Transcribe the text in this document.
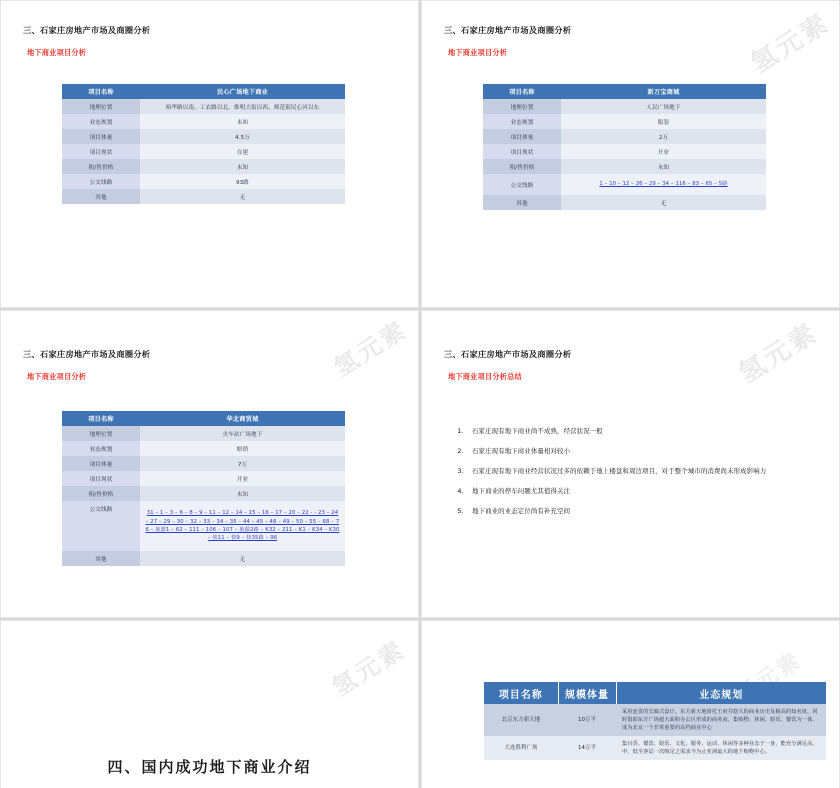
三、石家庄房地产市场及商圈分析
地下商业项目分析
项目名称	民心广场地下商业
地理位置	裕华路以南、工农路以北、维明大街以西、师范街民心河以东
业态规划	未知
项目体量	4.5万
项目现状	在建
租/售价格	未知
公交线路	93路
其他	无
氢元素
三、石家庄房地产市场及商圈分析
地下商业项目分析
项目名称	新万宝商城
地理位置	人民广场地下
业态规划	服装
项目体量	2万
项目现状	开业
租/售价格	未知
公交线路	1 – 10 – 12 – 26 – 29 – 34 – 116 – 83 – 65 – 5路
其他	无
氢元素
三、石家庄房地产市场及商圈分析
地下商业项目分析
项目名称	华北商贸城
地理位置	火车站广场地下
业态规划	赔销
项目体量	7万
项目现状	开业
租/售价格	未知
公交线路	31 – 1 – 3 – 6 – 8 – 9 – 11 – 12 – 14 – 15 – 16 – 17 – 20 – 22 - - 23 – 24 – 27 – 29 – 30 – 32 – 33 – 34 – 35 – 44 – 45 – 48 – 49 – 50 – 55 – 68 – 76 – 旅游1 – 62 – 111 – 106 – 107 – 旅游2路 – K32 – 211 – K1 – K34 – K30 – 快11 – 快9 – 快35路 – 96
其他	无
氢元素
三、石家庄房地产市场及商圈分析
地下商业项目分析总结
1. 石家庄现有地下商业尚不成熟，经营状况一般
2. 石家庄现有地下商业体量相对较小
3. 石家庄现有地下商业经营状况过多的依赖于地上楼盘和周边项目，对于整个城市的消费尚未形成影响力
4. 地下商业的停车问题尤其值得关注
5. 地下商业的业态定位尚有补充空间
氢元素
四、国内成功地下商业介绍
氢元素
项目名称	规模体量	业态规划
北京东方新天地	10万平	采用连贯的长廊式设计。东方新天地倚托王府井悠久的商业历史及极高的知名度，同时借助东方广场超大面积办公区形成的商务流，集购物、休闲、娱乐、餐饮为一体，成为北京一个非常重要的高档商业中心
大连胜利广场	14万平	集百货、餐饮、娱乐、文化、服务、运动、休闲等多种业态于一身，能充分满足高、中、低全客层一次购足之需求今为止亚洲最大的地下购物中心。
